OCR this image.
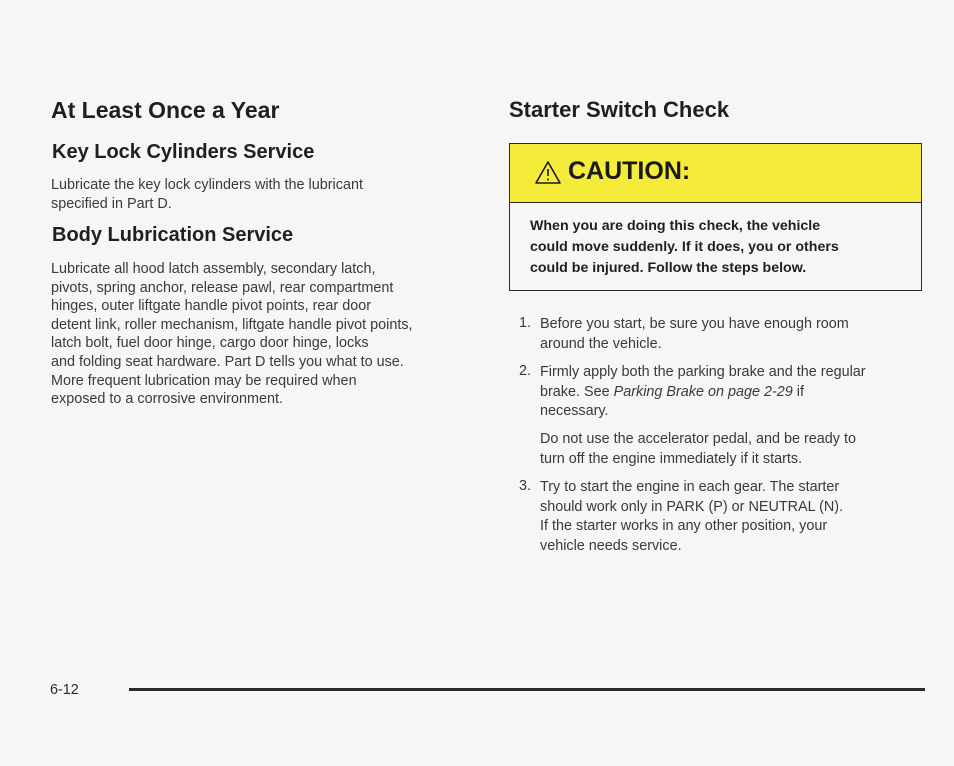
At Least Once a Year
Key Lock Cylinders Service

Lubricate the key lock cylinders with the lubricant
specified in Part D.

Body Lubrication Service

Lubricate all hood latch assembly, secondary latch,
pivots, spring anchor, release pawl, rear compartment
hinges, outer liftgate handle pivot points, rear door
detent link, roller mechanism, liftgate handle pivot points,
latch bolt, fuel door hinge, cargo door hinge, locks
and folding seat hardware. Part D tells you what to use.
More frequent lubrication may be required when
exposed to a corrosive environment.

Starter Switch Check
CAUTION:
When you are doing this check, the vehicle
could move suddenly. If it does, you or others
could be injured. Follow the steps below.
1. Before you start, be sure you have enough room
around the vehicle.
2. Firmly apply both the parking brake and the regular
brake. See Parking Brake on page 2-29 if
necessary.
Do not use the accelerator pedal, and be ready to
turn off the engine immediately if it starts.
3. Try to start the engine in each gear. The starter
should work only in PARK (P) or NEUTRAL (N).
If the starter works in any other position, your
vehicle needs service.
6-12
